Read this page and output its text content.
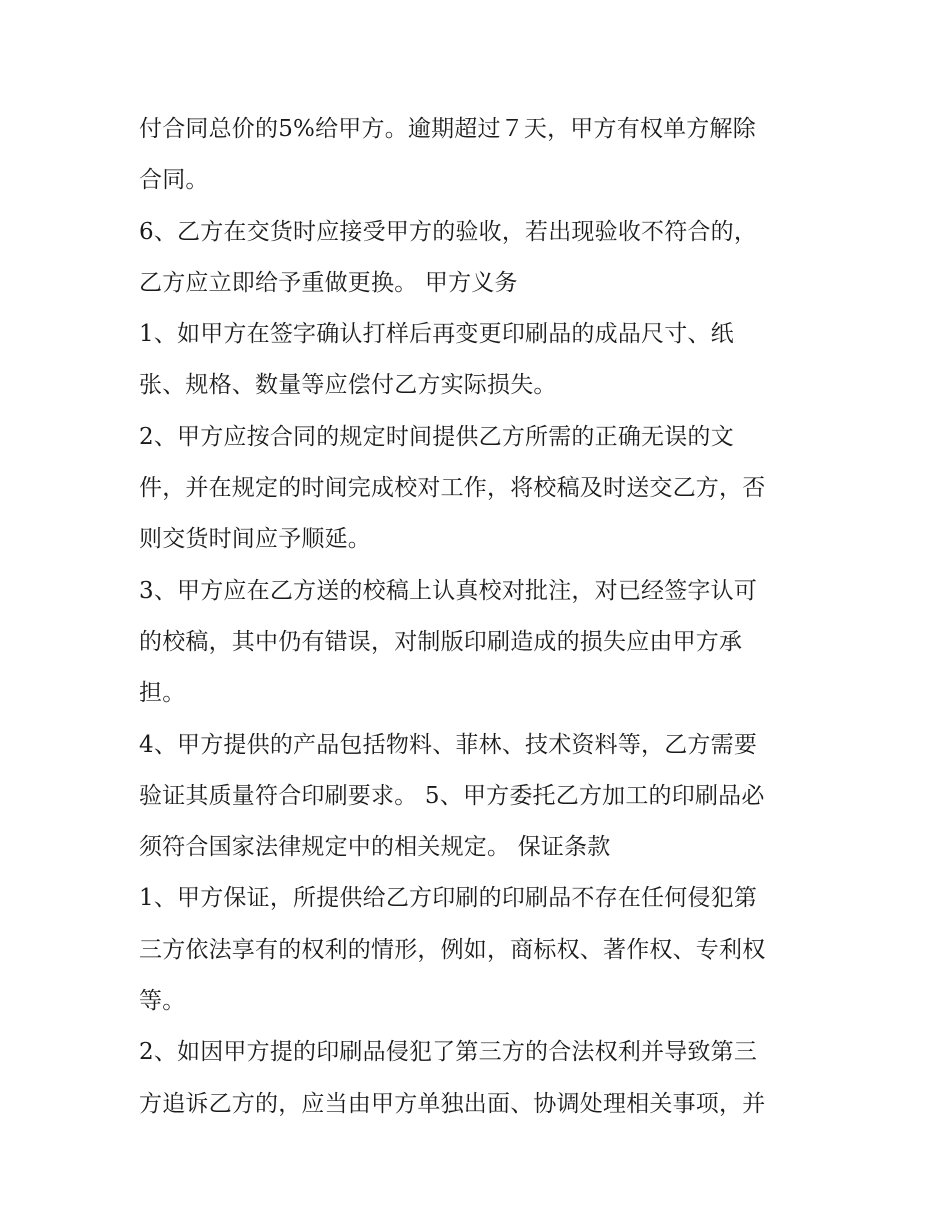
付合同总价的5%给甲方。逾期超过７天，甲方有权单方解除
合同。
6、乙方在交货时应接受甲方的验收，若出现验收不符合的，
乙方应立即给予重做更换。 甲方义务
1、如甲方在签字确认打样后再变更印刷品的成品尺寸、纸
张、规格、数量等应偿付乙方实际损失。
2、甲方应按合同的规定时间提供乙方所需的正确无误的文
件，并在规定的时间完成校对工作，将校稿及时送交乙方，否
则交货时间应予顺延。
3、甲方应在乙方送的校稿上认真校对批注，对已经签字认可
的校稿，其中仍有错误，对制版印刷造成的损失应由甲方承
担。
4、甲方提供的产品包括物料、菲林、技术资料等，乙方需要
验证其质量符合印刷要求。 5、甲方委托乙方加工的印刷品必
须符合国家法律规定中的相关规定。 保证条款
1、甲方保证，所提供给乙方印刷的印刷品不存在任何侵犯第
三方依法享有的权利的情形，例如，商标权、著作权、专利权
等。
2、如因甲方提的印刷品侵犯了第三方的合法权利并导致第三
方追诉乙方的，应当由甲方单独出面、协调处理相关事项，并
